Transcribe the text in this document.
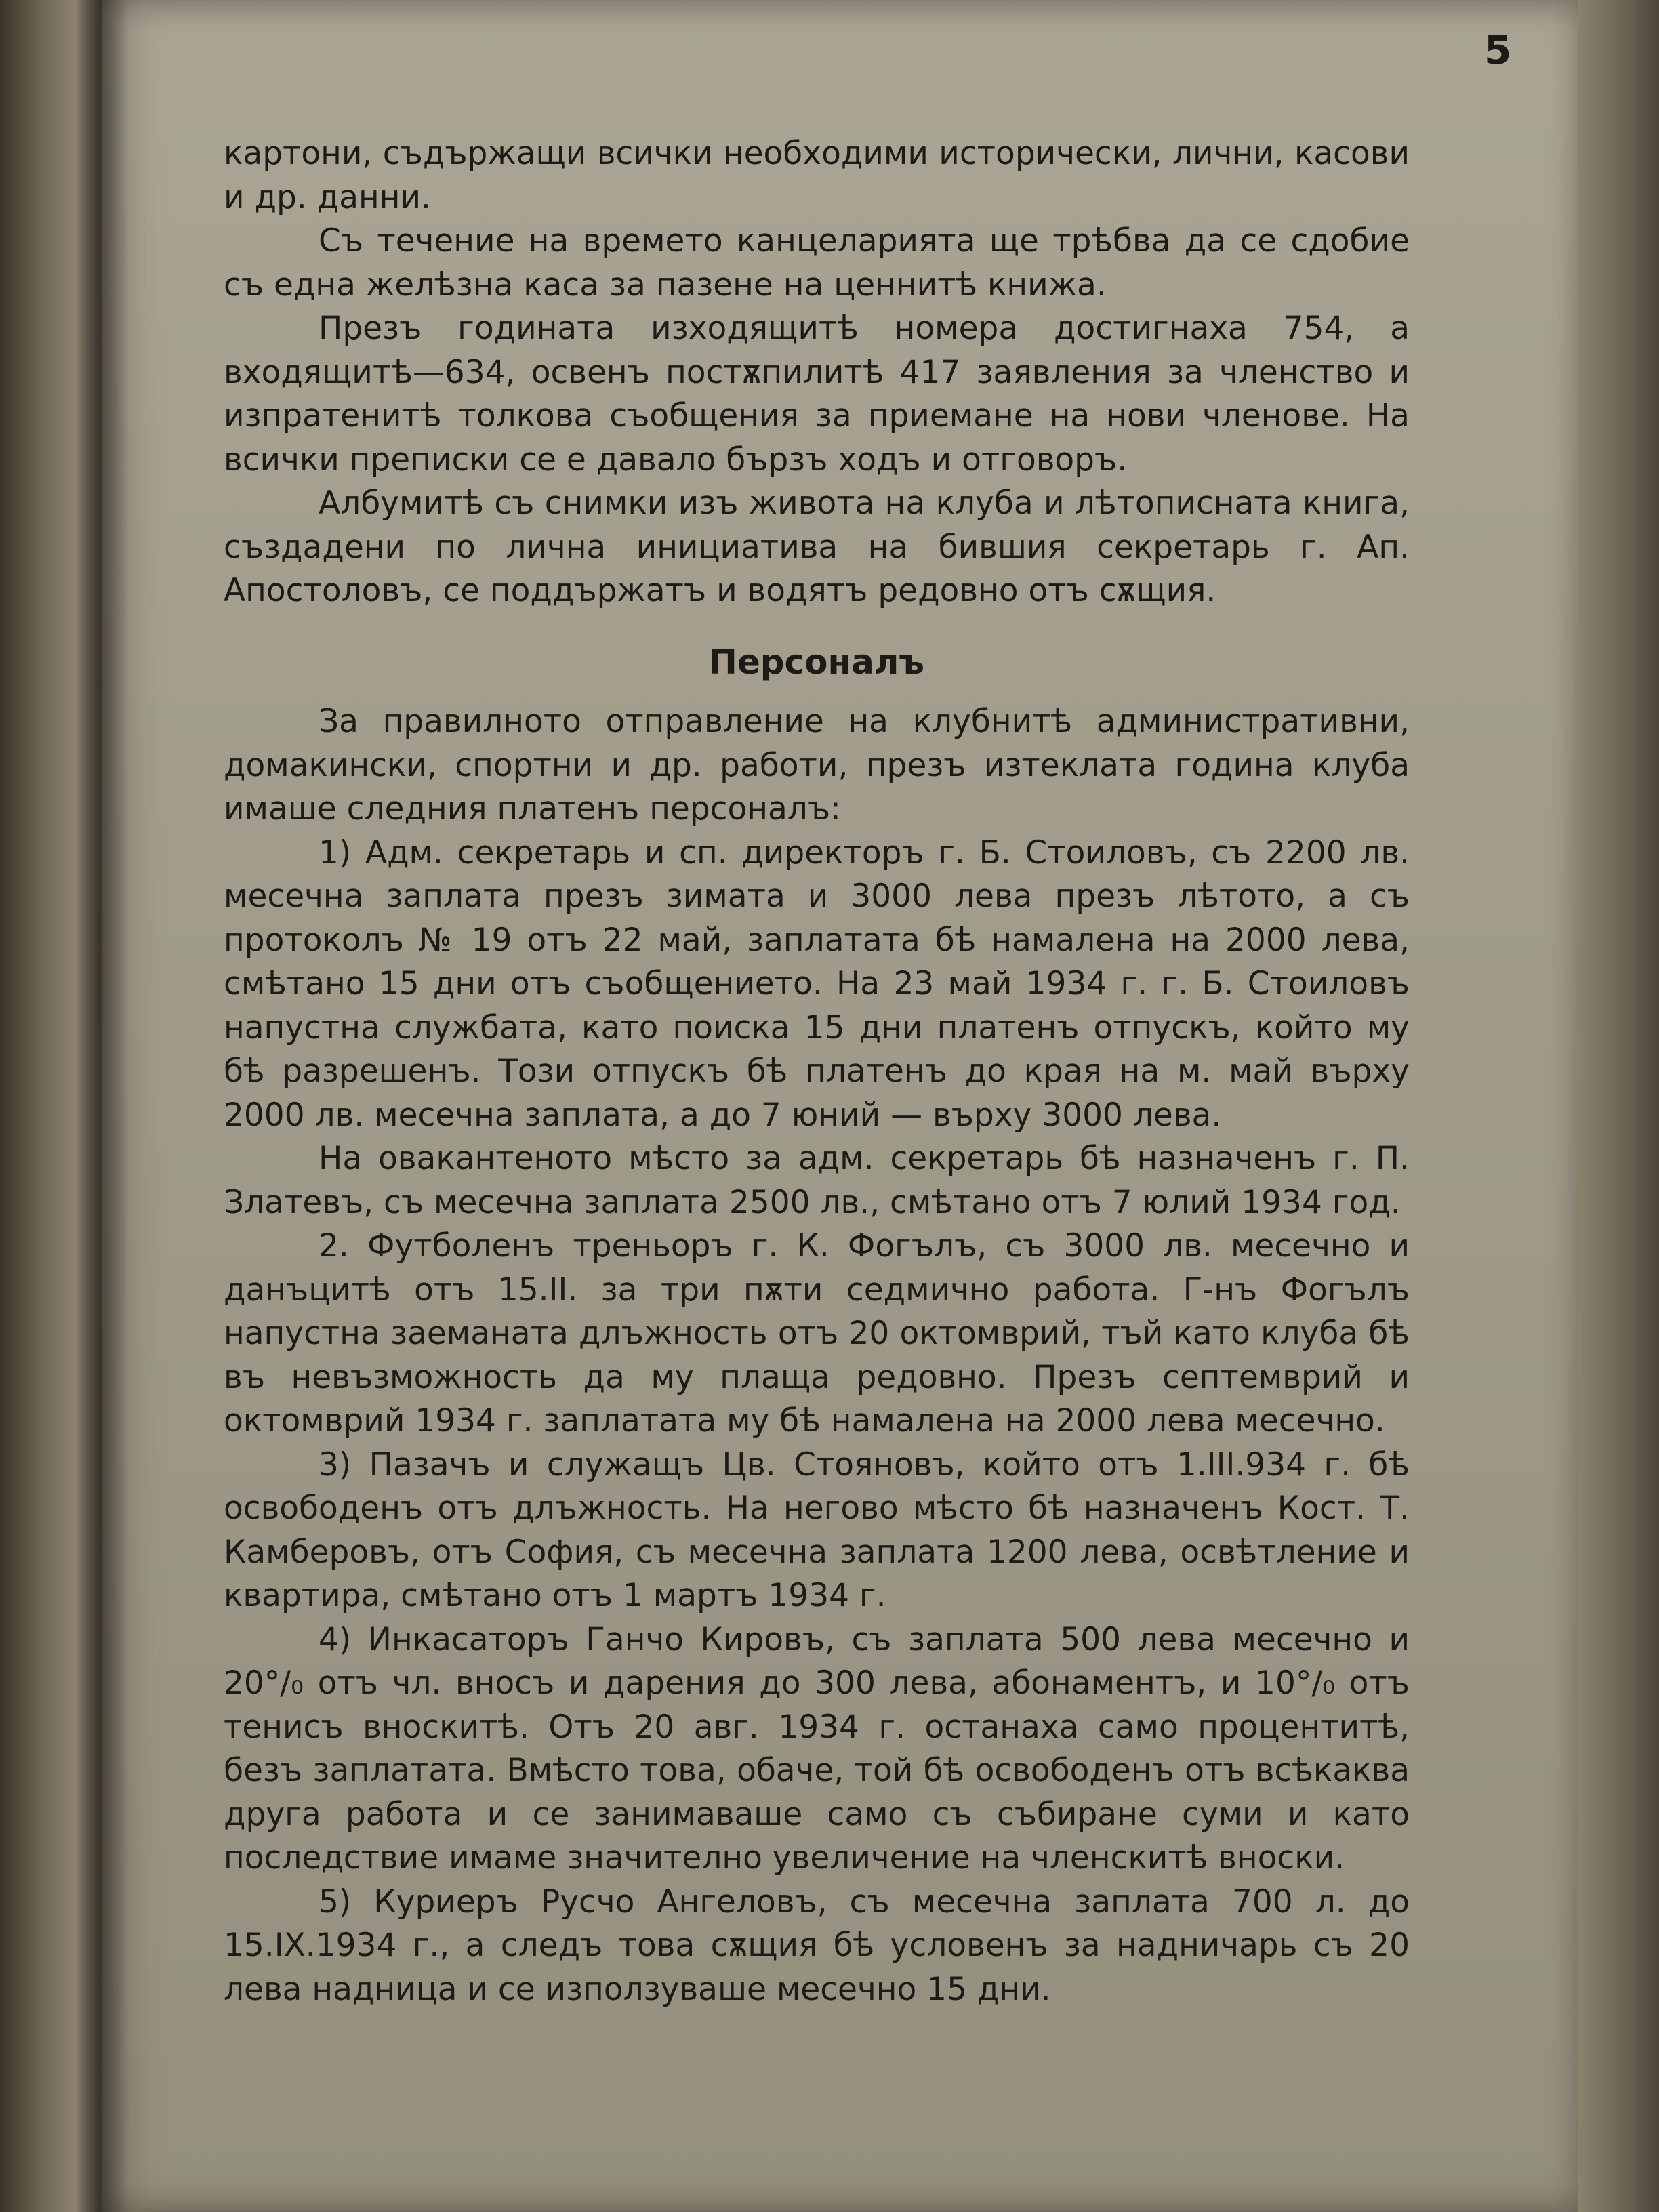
5

картони, съдържащи всички необходими исторически, лични, касови и др. данни.

Съ течение на времето канцеларията ще трѣбва да се сдобие съ една желѣзна каса за пазене на ценнитѣ книжа.

Презъ годината изходящитѣ номера достигнаха 754, а входящитѣ—634, освенъ постѫпилитѣ 417 заявления за членство и изпратенитѣ толкова съобщения за приемане на нови членове. На всички преписки се е давало бързъ ходъ и отговоръ.

Албумитѣ съ снимки изъ живота на клуба и лѣтописната книга, създадени по лична инициатива на бившия секретарь г. Ап. Апостоловъ, се поддържатъ и водятъ редовно отъ сѫщия.

Персоналъ

За правилното отправление на клубнитѣ административни, домакински, спортни и др. работи, презъ изтеклата година клуба имаше следния платенъ персоналъ:

1) Адм. секретарь и сп. директоръ г. Б. Стоиловъ, съ 2200 лв. месечна заплата презъ зимата и 3000 лева презъ лѣтото, а съ протоколъ № 19 отъ 22 май, заплатата бѣ намалена на 2000 лева, смѣтано 15 дни отъ съобщението. На 23 май 1934 г. г. Б. Стоиловъ напустна службата, като поиска 15 дни платенъ отпускъ, който му бѣ разрешенъ. Този отпускъ бѣ платенъ до края на м. май върху 2000 лв. месечна заплата, а до 7 юний — върху 3000 лева.

На овакантеното мѣсто за адм. секретарь бѣ назначенъ г. П. Златевъ, съ месечна заплата 2500 лв., смѣтано отъ 7 юлий 1934 год.

2. Футболенъ треньоръ г. К. Фогълъ, съ 3000 лв. месечно и данъцитѣ отъ 15.II. за три пѫти седмично работа. Г-нъ Фогълъ напустна заеманата длъжность отъ 20 октомврий, тъй като клуба бѣ въ невъзможность да му плаща редовно. Презъ септемврий и октомврий 1934 г. заплатата му бѣ намалена на 2000 лева месечно.

3) Пазачъ и служащъ Цв. Стояновъ, който отъ 1.III.934 г. бѣ освободенъ отъ длъжность. На негово мѣсто бѣ назначенъ Кост. Т. Камберовъ, отъ София, съ месечна заплата 1200 лева, освѣтление и квартира, смѣтано отъ 1 мартъ 1934 г.

4) Инкасаторъ Ганчо Кировъ, съ заплата 500 лева месечно и 20°/₀ отъ чл. вносъ и дарения до 300 лева, абонаментъ, и 10°/₀ отъ тенисъ вноскитѣ. Отъ 20 авг. 1934 г. останаха само процентитѣ, безъ заплатата. Вмѣсто това, обаче, той бѣ освободенъ отъ всѣкаква друга работа и се занимаваше само съ събиране суми и като последствие имаме значително увеличение на членскитѣ вноски.

5) Куриеръ Русчо Ангеловъ, съ месечна заплата 700 л. до 15.IX.1934 г., а следъ това сѫщия бѣ условенъ за надничарь съ 20 лева надница и се използуваше месечно 15 дни.
